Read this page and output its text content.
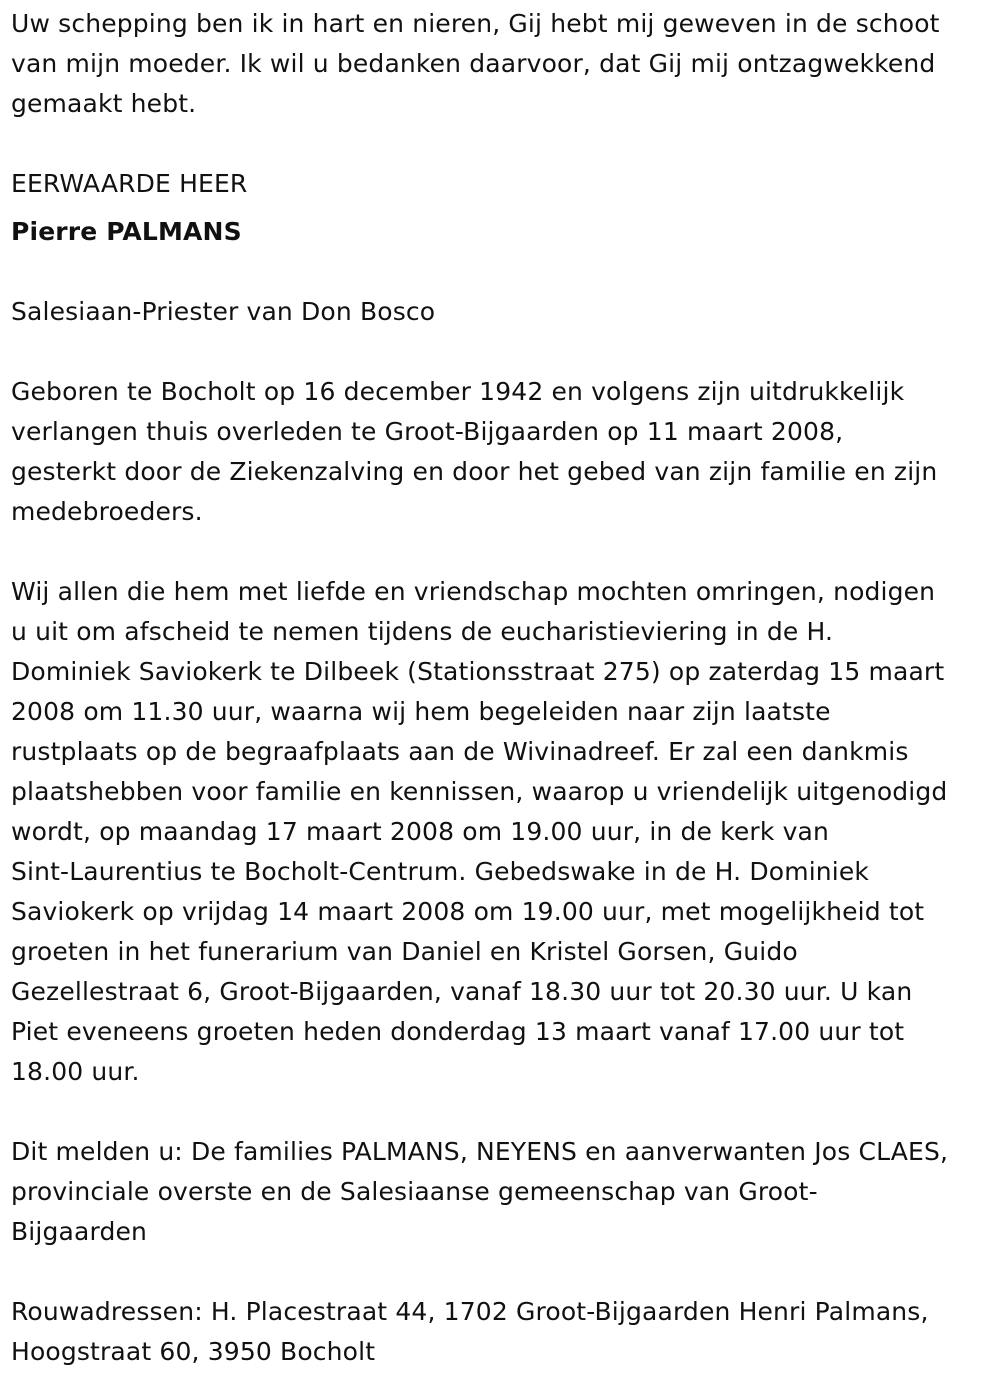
Uw schepping ben ik in hart en nieren, Gij hebt mij geweven in de schoot
van mijn moeder. Ik wil u bedanken daarvoor, dat Gij mij ontzagwekkend
gemaakt hebt.

EERWAARDE HEER

Pierre PALMANS

Salesiaan-Priester van Don Bosco

Geboren te Bocholt op 16 december 1942 en volgens zijn uitdrukkelijk
verlangen thuis overleden te Groot-Bijgaarden op 11 maart 2008,
gesterkt door de Ziekenzalving en door het gebed van zijn familie en zijn
medebroeders.

Wij allen die hem met liefde en vriendschap mochten omringen, nodigen
u uit om afscheid te nemen tijdens de eucharistieviering in de H.
Dominiek Saviokerk te Dilbeek (Stationsstraat 275) op zaterdag 15 maart
2008 om 11.30 uur, waarna wij hem begeleiden naar zijn laatste
rustplaats op de begraafplaats aan de Wivinadreef. Er zal een dankmis
plaatshebben voor familie en kennissen, waarop u vriendelijk uitgenodigd
wordt, op maandag 17 maart 2008 om 19.00 uur, in de kerk van
Sint-Laurentius te Bocholt-Centrum. Gebedswake in de H. Dominiek
Saviokerk op vrijdag 14 maart 2008 om 19.00 uur, met mogelijkheid tot
groeten in het funerarium van Daniel en Kristel Gorsen, Guido
Gezellestraat 6, Groot-Bijgaarden, vanaf 18.30 uur tot 20.30 uur. U kan
Piet eveneens groeten heden donderdag 13 maart vanaf 17.00 uur tot
18.00 uur.

Dit melden u: De families PALMANS, NEYENS en aanverwanten Jos CLAES,
provinciale overste en de Salesiaanse gemeenschap van Groot-
Bijgaarden

Rouwadressen: H. Placestraat 44, 1702 Groot-Bijgaarden Henri Palmans,
Hoogstraat 60, 3950 Bocholt
